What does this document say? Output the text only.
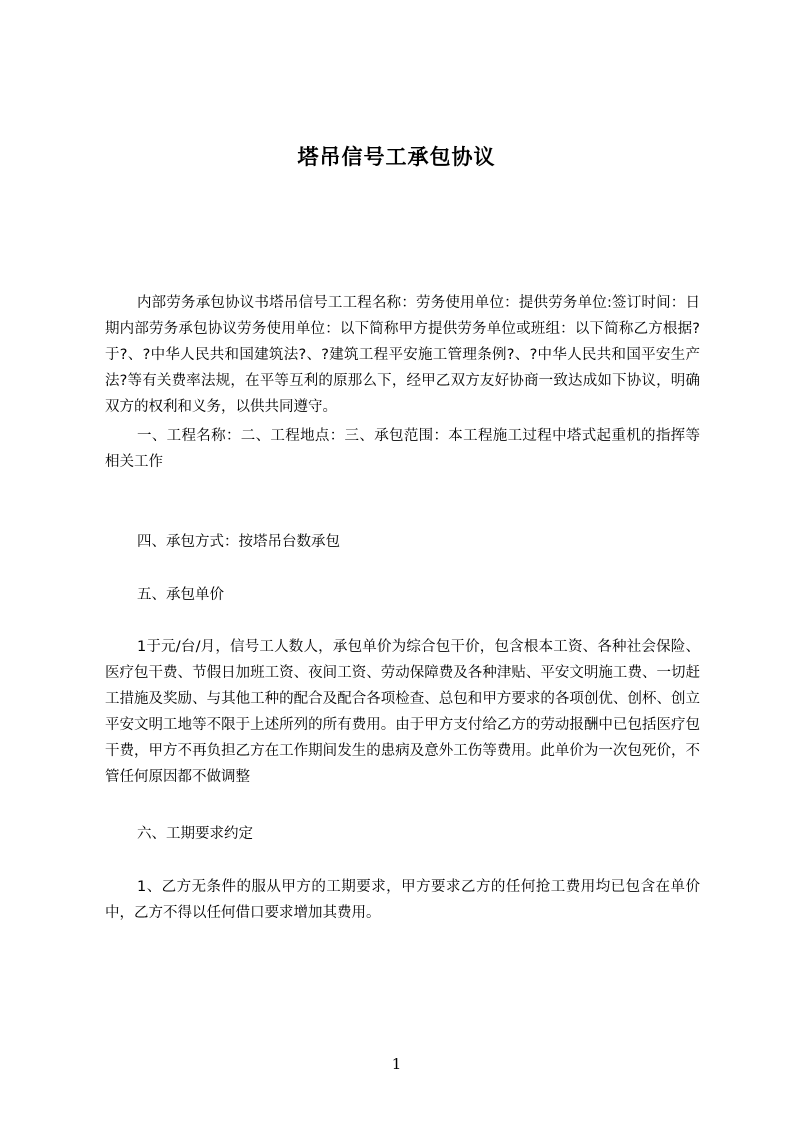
塔吊信号工承包协议
内部劳务承包协议书塔吊信号工工程名称：劳务使用单位：提供劳务单位:签订时间：日期内部劳务承包协议劳务使用单位：以下简称甲方提供劳务单位或班组：以下简称乙方根据?于?、?中华人民共和国建筑法?、?建筑工程平安施工管理条例?、?中华人民共和国平安生产法?等有关费率法规，在平等互利的原那么下，经甲乙双方友好协商一致达成如下协议，明确双方的权利和义务，以供共同遵守。
一、工程名称：二、工程地点：三、承包范围：本工程施工过程中塔式起重机的指挥等相关工作
四、承包方式：按塔吊台数承包
五、承包单价
1于元/台/月，信号工人数人，承包单价为综合包干价，包含根本工资、各种社会保险、医疗包干费、节假日加班工资、夜间工资、劳动保障费及各种津贴、平安文明施工费、一切赶工措施及奖励、与其他工种的配合及配合各项检查、总包和甲方要求的各项创优、创杯、创立平安文明工地等不限于上述所列的所有费用。由于甲方支付给乙方的劳动报酬中已包括医疗包干费，甲方不再负担乙方在工作期间发生的患病及意外工伤等费用。此单价为一次包死价，不管任何原因都不做调整
六、工期要求约定
1、乙方无条件的服从甲方的工期要求，甲方要求乙方的任何抢工费用均已包含在单价中，乙方不得以任何借口要求增加其费用。
1
